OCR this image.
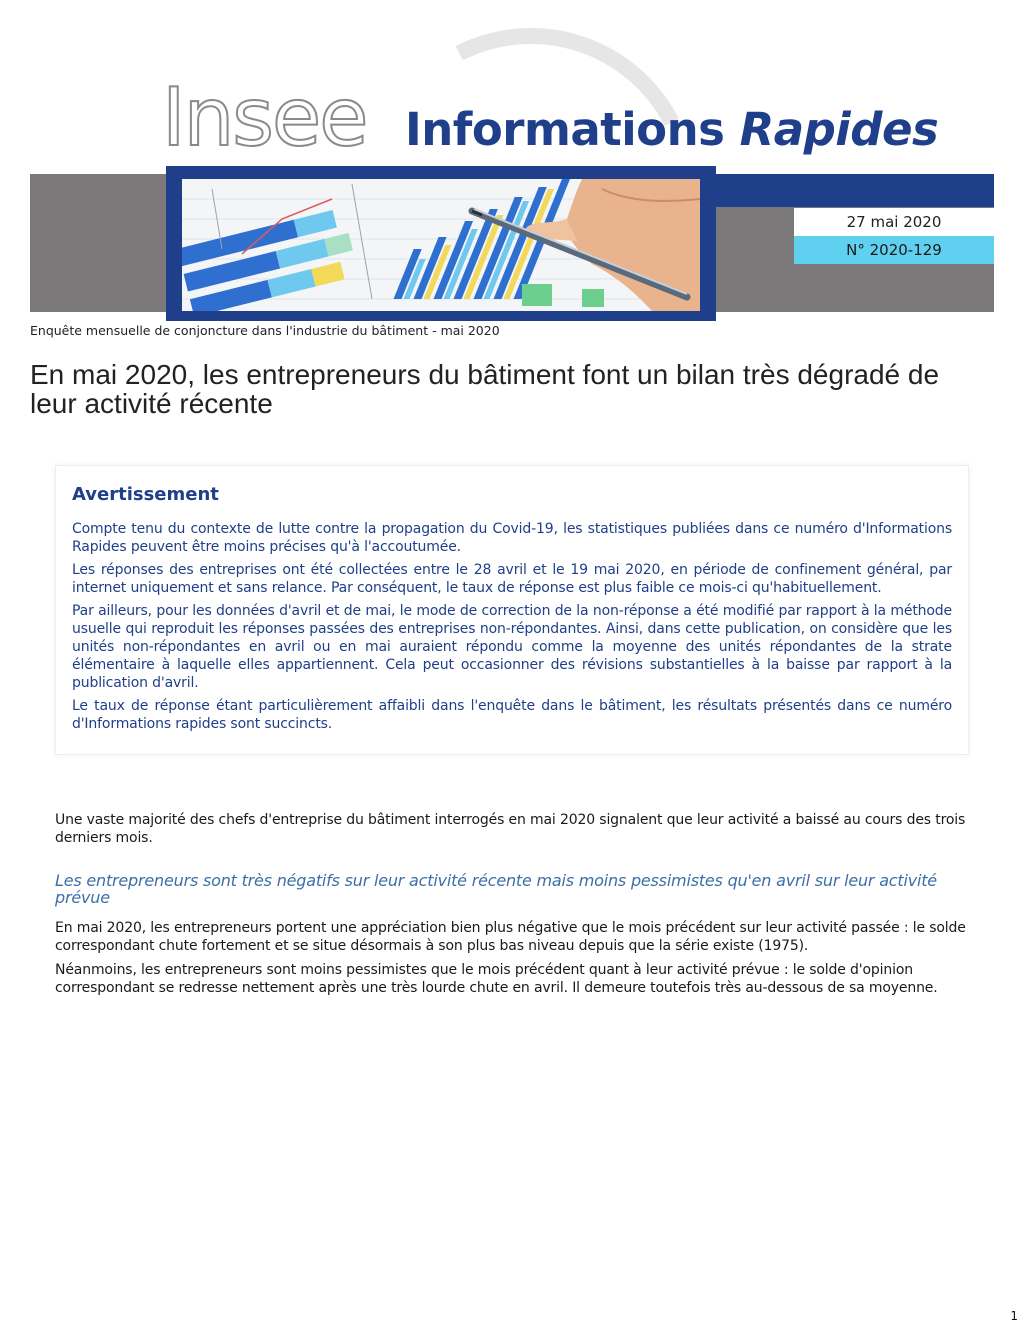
Insee Informations Rapides
27 mai 2020
N° 2020-129
Enquête mensuelle de conjoncture dans l'industrie du bâtiment - mai 2020
En mai 2020, les entrepreneurs du bâtiment font un bilan très dégradé de leur activité récente
Avertissement

Compte tenu du contexte de lutte contre la propagation du Covid-19, les statistiques publiées dans ce numéro d'Informations Rapides peuvent être moins précises qu'à l'accoutumée.

Les réponses des entreprises ont été collectées entre le 28 avril et le 19 mai 2020, en période de confinement général, par internet uniquement et sans relance. Par conséquent, le taux de réponse est plus faible ce mois-ci qu'habituellement.

Par ailleurs, pour les données d'avril et de mai, le mode de correction de la non-réponse a été modifié par rapport à la méthode usuelle qui reproduit les réponses passées des entreprises non-répondantes. Ainsi, dans cette publication, on considère que les unités non-répondantes en avril ou en mai auraient répondu comme la moyenne des unités répondantes de la strate élémentaire à laquelle elles appartiennent. Cela peut occasionner des révisions substantielles à la baisse par rapport à la publication d'avril.

Le taux de réponse étant particulièrement affaibli dans l'enquête dans le bâtiment, les résultats présentés dans ce numéro d'Informations rapides sont succincts.

Une vaste majorité des chefs d'entreprise du bâtiment interrogés en mai 2020 signalent que leur activité a baissé au cours des trois derniers mois.

Les entrepreneurs sont très négatifs sur leur activité récente mais moins pessimistes qu'en avril sur leur activité prévue

En mai 2020, les entrepreneurs portent une appréciation bien plus négative que le mois précédent sur leur activité passée : le solde correspondant chute fortement et se situe désormais à son plus bas niveau depuis que la série existe (1975).

Néanmoins, les entrepreneurs sont moins pessimistes que le mois précédent quant à leur activité prévue : le solde d'opinion correspondant se redresse nettement après une très lourde chute en avril. Il demeure toutefois très au-dessous de sa moyenne.

1
